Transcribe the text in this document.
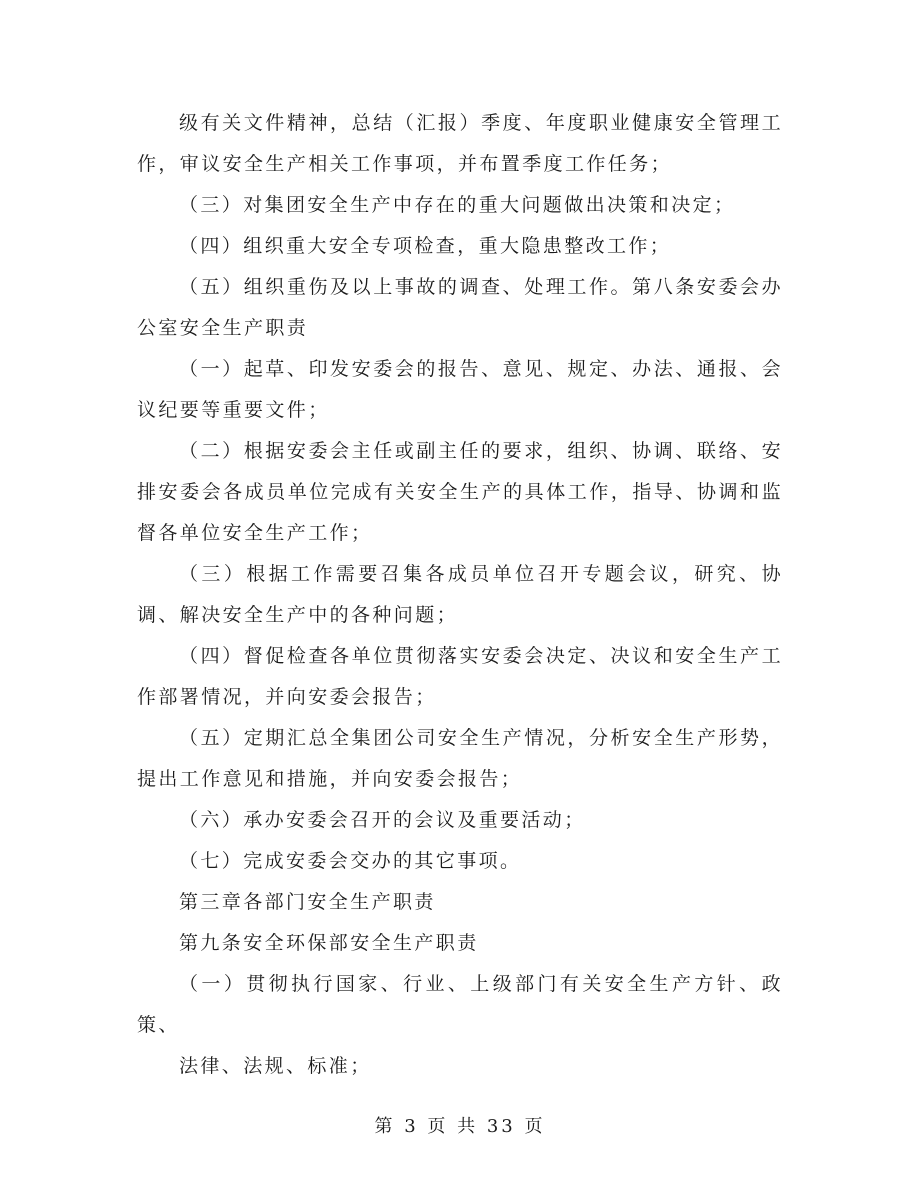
级有关文件精神，总结（汇报）季度、年度职业健康安全管理工作，审议安全生产相关工作事项，并布置季度工作任务；

（三）对集团安全生产中存在的重大问题做出决策和决定；

（四）组织重大安全专项检查，重大隐患整改工作；

（五）组织重伤及以上事故的调查、处理工作。第八条安委会办公室安全生产职责

（一）起草、印发安委会的报告、意见、规定、办法、通报、会议纪要等重要文件；

（二）根据安委会主任或副主任的要求，组织、协调、联络、安排安委会各成员单位完成有关安全生产的具体工作，指导、协调和监督各单位安全生产工作；

（三）根据工作需要召集各成员单位召开专题会议，研究、协调、解决安全生产中的各种问题；

（四）督促检查各单位贯彻落实安委会决定、决议和安全生产工作部署情况，并向安委会报告；

（五）定期汇总全集团公司安全生产情况，分析安全生产形势，提出工作意见和措施，并向安委会报告；

（六）承办安委会召开的会议及重要活动；

（七）完成安委会交办的其它事项。

第三章各部门安全生产职责

第九条安全环保部安全生产职责

（一）贯彻执行国家、行业、上级部门有关安全生产方针、政策、

法律、法规、标准；

第 3 页 共 33 页
